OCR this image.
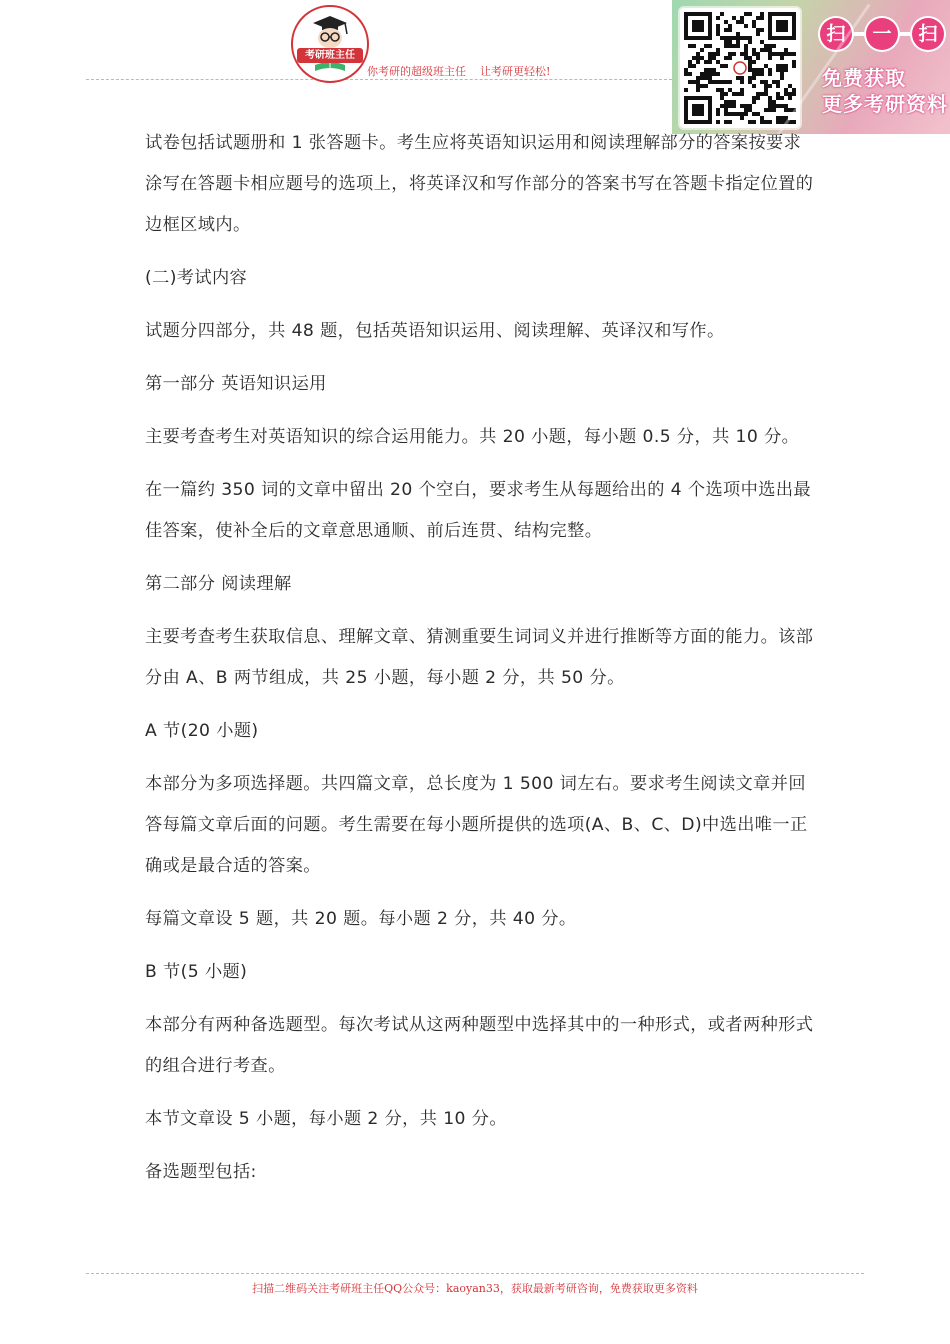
考研班主任
你考研的超级班主任 让考研更轻松!
扫	一	扫
免费获取
更多考研资料

试卷包括试题册和 1 张答题卡。考生应将英语知识运用和阅读理解部分的答案按要求涂写在答题卡相应题号的选项上，将英译汉和写作部分的答案书写在答题卡指定位置的边框区域内。

(二)考试内容

试题分四部分，共 48 题，包括英语知识运用、阅读理解、英译汉和写作。

第一部分 英语知识运用

主要考查考生对英语知识的综合运用能力。共 20 小题，每小题 0.5 分，共 10 分。

在一篇约 350 词的文章中留出 20 个空白，要求考生从每题给出的 4 个选项中选出最佳答案，使补全后的文章意思通顺、前后连贯、结构完整。

第二部分 阅读理解

主要考查考生获取信息、理解文章、猜测重要生词词义并进行推断等方面的能力。该部分由 A、B 两节组成，共 25 小题，每小题 2 分，共 50 分。

A 节(20 小题)

本部分为多项选择题。共四篇文章，总长度为 1 500 词左右。要求考生阅读文章并回答每篇文章后面的问题。考生需要在每小题所提供的选项(A、B、C、D)中选出唯一正确或是最合适的答案。

每篇文章设 5 题，共 20 题。每小题 2 分，共 40 分。

B 节(5 小题)

本部分有两种备选题型。每次考试从这两种题型中选择其中的一种形式，或者两种形式的组合进行考查。

本节文章设 5 小题，每小题 2 分，共 10 分。

备选题型包括:

扫描二维码关注考研班主任QQ公众号：kaoyan33，获取最新考研咨询，免费获取更多资料
